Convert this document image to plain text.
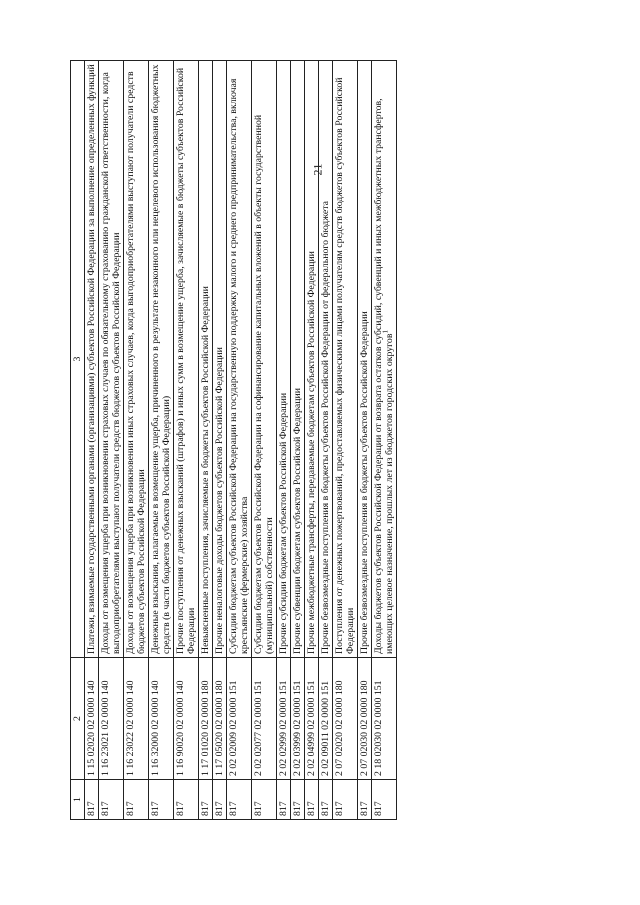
21
1	2	3
817	1 15 02020 02 0000 140	Платежи, взимаемые государственными органами (организациями) субъектов Российской Федерации за выполнение определенных функций
817	1 16 23021 02 0000 140	Доходы от возмещения ущерба при возникновении страховых случаев по обязательному страхованию гражданской ответственности, когда выгодоприобретателями выступают получатели средств бюджетов субъектов Российской Федерации
817	1 16 23022 02 0000 140	Доходы от возмещения ущерба при возникновении иных страховых случаев, когда выгодоприобретателями выступают получатели средств бюджетов субъектов Российской Федерации
817	1 16 32000 02 0000 140	Денежные взыскания, налагаемые в возмещение ущерба, причиненного в результате незаконного или нецелевого использования бюджетных средств (в части бюджетов субъектов Российской Федерации)
817	1 16 90020 02 0000 140	Прочие поступления от денежных взысканий (штрафов) и иных сумм в возмещение ущерба, зачисляемые в бюджеты субъектов Российской Федерации
817	1 17 01020 02 0000 180	Невыясненные поступления, зачисляемые в бюджеты субъектов Российской Федерации
817	1 17 05020 02 0000 180	Прочие неналоговые доходы бюджетов субъектов Российской Федерации
817	2 02 02009 02 0000 151	Субсидии бюджетам субъектов Российской Федерации на государственную поддержку малого и среднего предпринимательства, включая крестьянские (фермерские) хозяйства
817	2 02 02077 02 0000 151	Субсидии бюджетам субъектов Российской Федерации на софинансирование капитальных вложений в объекты государственной (муниципальной) собственности
817	2 02 02999 02 0000 151	Прочие субсидии бюджетам субъектов Российской Федерации
817	2 02 03999 02 0000 151	Прочие субвенции бюджетам субъектов Российской Федерации
817	2 02 04999 02 0000 151	Прочие межбюджетные трансферты, передаваемые бюджетам субъектов Российской Федерации
817	2 02 09011 02 0000 151	Прочие безвозмездные поступления в бюджеты субъектов Российской Федерации от федерального бюджета
817	2 07 02020 02 0000 180	Поступления от денежных пожертвований, предоставляемых физическими лицами получателям средств бюджетов субъектов Российской Федерации
817	2 07 02030 02 0000 180	Прочие безвозмездные поступления в бюджеты субъектов Российской Федерации
817	2 18 02030 02 0000 151	Доходы бюджетов субъектов Российской Федерации от возврата остатков субсидий, субвенций и иных межбюджетных трансфертов, имеющих целевое назначение, прошлых лет из бюджетов городских округов$^1$
